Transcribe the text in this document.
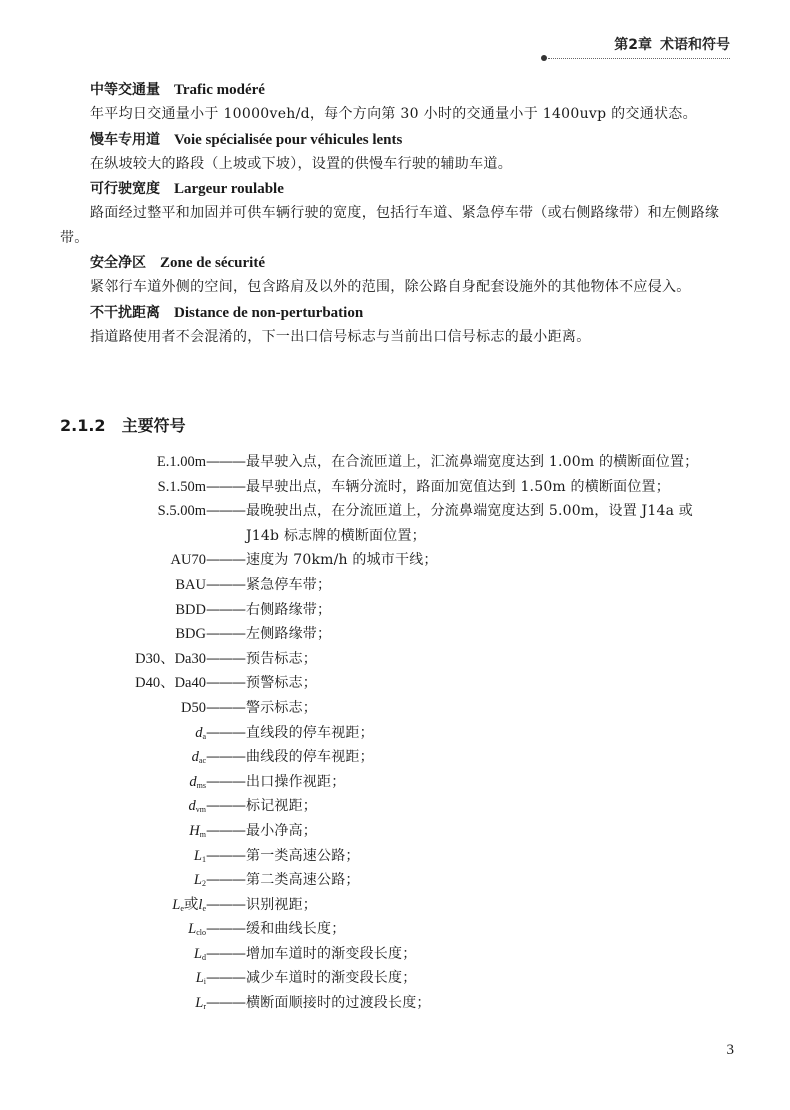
第2章 术语和符号
中等交通量 Trafic modéré

年平均日交通量小于 10000veh/d，每个方向第 30 小时的交通量小于 1400uvp 的交通状态。

慢车专用道 Voie spécialisée pour véhicules lents

在纵坡较大的路段（上坡或下坡），设置的供慢车行驶的辅助车道。

可行驶宽度 Largeur roulable

路面经过整平和加固并可供车辆行驶的宽度，包括行车道、紧急停车带（或右侧路缘带）和左侧路缘带。

安全净区 Zone de sécurité

紧邻行车道外侧的空间，包含路肩及以外的范围，除公路自身配套设施外的其他物体不应侵入。

不干扰距离 Distance de non-perturbation

指道路使用者不会混淆的，下一出口信号标志与当前出口信号标志的最小距离。

2.1.2 主要符号
E.1.00m ——— 最早驶入点，在合流匝道上，汇流鼻端宽度达到 1.00m 的横断面位置；
S.1.50m ——— 最早驶出点，车辆分流时，路面加宽值达到 1.50m 的横断面位置；
S.5.00m ——— 最晚驶出点，在分流匝道上，分流鼻端宽度达到 5.00m，设置 J14a 或 J14b 标志牌的横断面位置；
AU70 ——— 速度为 70km/h 的城市干线；
BAU ——— 紧急停车带；
BDD ——— 右侧路缘带；
BDG ——— 左侧路缘带；
D30、Da30 ——— 预告标志；
D40、Da40 ——— 预警标志；
D50 ——— 警示标志；
$d_a$ ——— 直线段的停车视距；
$d_{ac}$ ——— 曲线段的停车视距；
$d_{ms}$ ——— 出口操作视距；
$d_{vm}$ ——— 标记视距；
$H_m$ ——— 最小净高；
$L_1$ ——— 第一类高速公路；
$L_2$ ——— 第二类高速公路；
$L_e$或$l_e$ ——— 识别视距；
$L_{clo}$ ——— 缓和曲线长度；
$L_d$ ——— 增加车道时的渐变段长度；
$L_i$ ——— 减少车道时的渐变段长度；
$L_r$ ——— 横断面顺接时的过渡段长度；
3
